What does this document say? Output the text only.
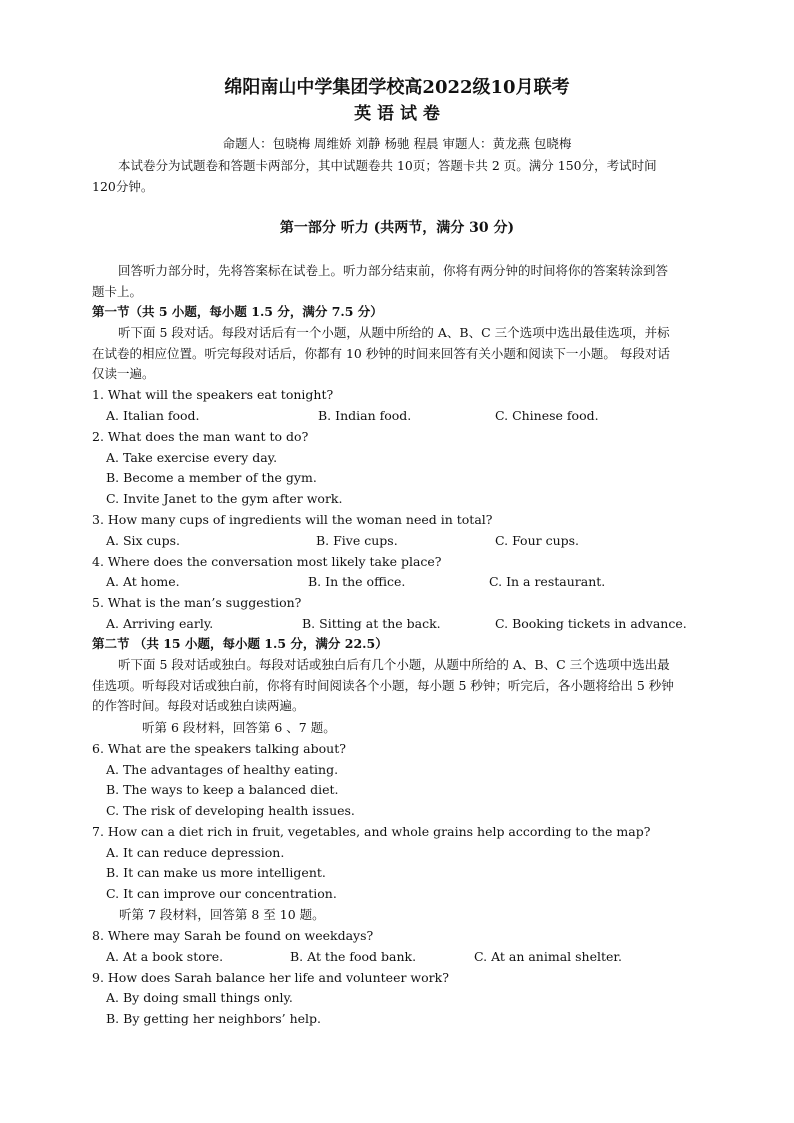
绵阳南山中学集团学校高2022级10月联考
英 语 试 卷
命题人：包晓梅 周维娇 刘静 杨驰 程晨 审题人：黄龙燕 包晓梅
本试卷分为试题卷和答题卡两部分，其中试题卷共 10页；答题卡共 2 页。满分 150分，考试时间 120分钟。
第一部分 听力 (共两节，满分 30 分)
回答听力部分时，先将答案标在试卷上。听力部分结束前，你将有两分钟的时间将你的答案转涂到答题卡上。
第一节（共 5 小题，每小题 1.5 分，满分 7.5 分）
听下面 5 段对话。每段对话后有一个小题，从题中所给的 A、B、C 三个选项中选出最佳选项，并标在试卷的相应位置。听完每段对话后，你都有 10 秒钟的时间来回答有关小题和阅读下一小题。 每段对话仅读一遍。
1. What will the speakers eat tonight?
A. Italian food.	B. Indian food.	C. Chinese food.
2. What does the man want to do?
A. Take exercise every day.
B. Become a member of the gym.
C. Invite Janet to the gym after work.
3. How many cups of ingredients will the woman need in total?
A. Six cups.	B. Five cups.	C. Four cups.
4. Where does the conversation most likely take place?
A. At home.	B. In the office.	C. In a restaurant.
5. What is the man’s suggestion?
A. Arriving early.	B. Sitting at the back.	C. Booking tickets in advance.
第二节 （共 15 小题，每小题 1.5 分，满分 22.5）
听下面 5 段对话或独白。每段对话或独白后有几个小题，从题中所给的 A、B、C 三个选项中选出最佳选项。听每段对话或独白前，你将有时间阅读各个小题，每小题 5 秒钟；听完后，各小题将给出 5 秒钟的作答时间。每段对话或独白读两遍。
听第 6 段材料，回答第 6 、7 题。
6. What are the speakers talking about?
A. The advantages of healthy eating.
B. The ways to keep a balanced diet.
C. The risk of developing health issues.
7. How can a diet rich in fruit, vegetables, and whole grains help according to the map?
A. It can reduce depression.
B. It can make us more intelligent.
C. It can improve our concentration.
听第 7 段材料，回答第 8 至 10 题。
8. Where may Sarah be found on weekdays?
A. At a book store.	B. At the food bank.	C. At an animal shelter.
9. How does Sarah balance her life and volunteer work?
A. By doing small things only.
B. By getting her neighbors’ help.
